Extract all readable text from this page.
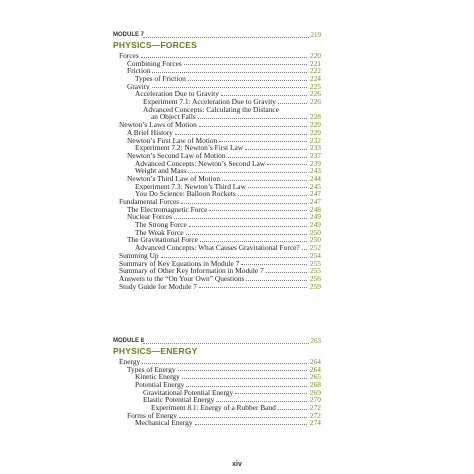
MODULE 7	219
PHYSICS—FORCES
Forces	220
Combining Forces	221
Friction	222
Types of Friction	224
Gravity	225
Acceleration Due to Gravity	226
Experiment 7.1: Acceleration Due to Gravity	226
Advanced Concepts: Calculating the Distance
an Object Falls	228
Newton’s Laws of Motion	229
A Brief History	229
Newton’s First Law of Motion	232
Experiment 7.2: Newton’s First Law	233
Newton’s Second Law of Motion	237
Advanced Concepts: Newton’s Second Law	239
Weight and Mass	243
Newton’s Third Law of Motion	244
Experiment 7.3: Newton’s Third Law	245
You Do Science: Balloon Rockets	247
Fundamental Forces	247
The Electromagnetic Force	248
Nuclear Forces	249
The Strong Force	249
The Weak Force	250
The Gravitational Force	250
Advanced Concepts: What Causes Gravitational Force? 252
Summing Up	254
Summary of Key Equations in Module 7	255
Summary of Other Key Information in Module 7	255
Answers to the “On Your Own” Questions	256
Study Guide for Module 7	259
MODULE 8	263
PHYSICS—ENERGY
Energy	264
Types of Energy	264
Kinetic Energy	265
Potential Energy	268
Gravitational Potential Energy	269
Elastic Potential Energy	270
Experiment 8.1: Energy of a Rubber Band	272
Forms of Energy	272
Mechanical Energy	274
xiv
